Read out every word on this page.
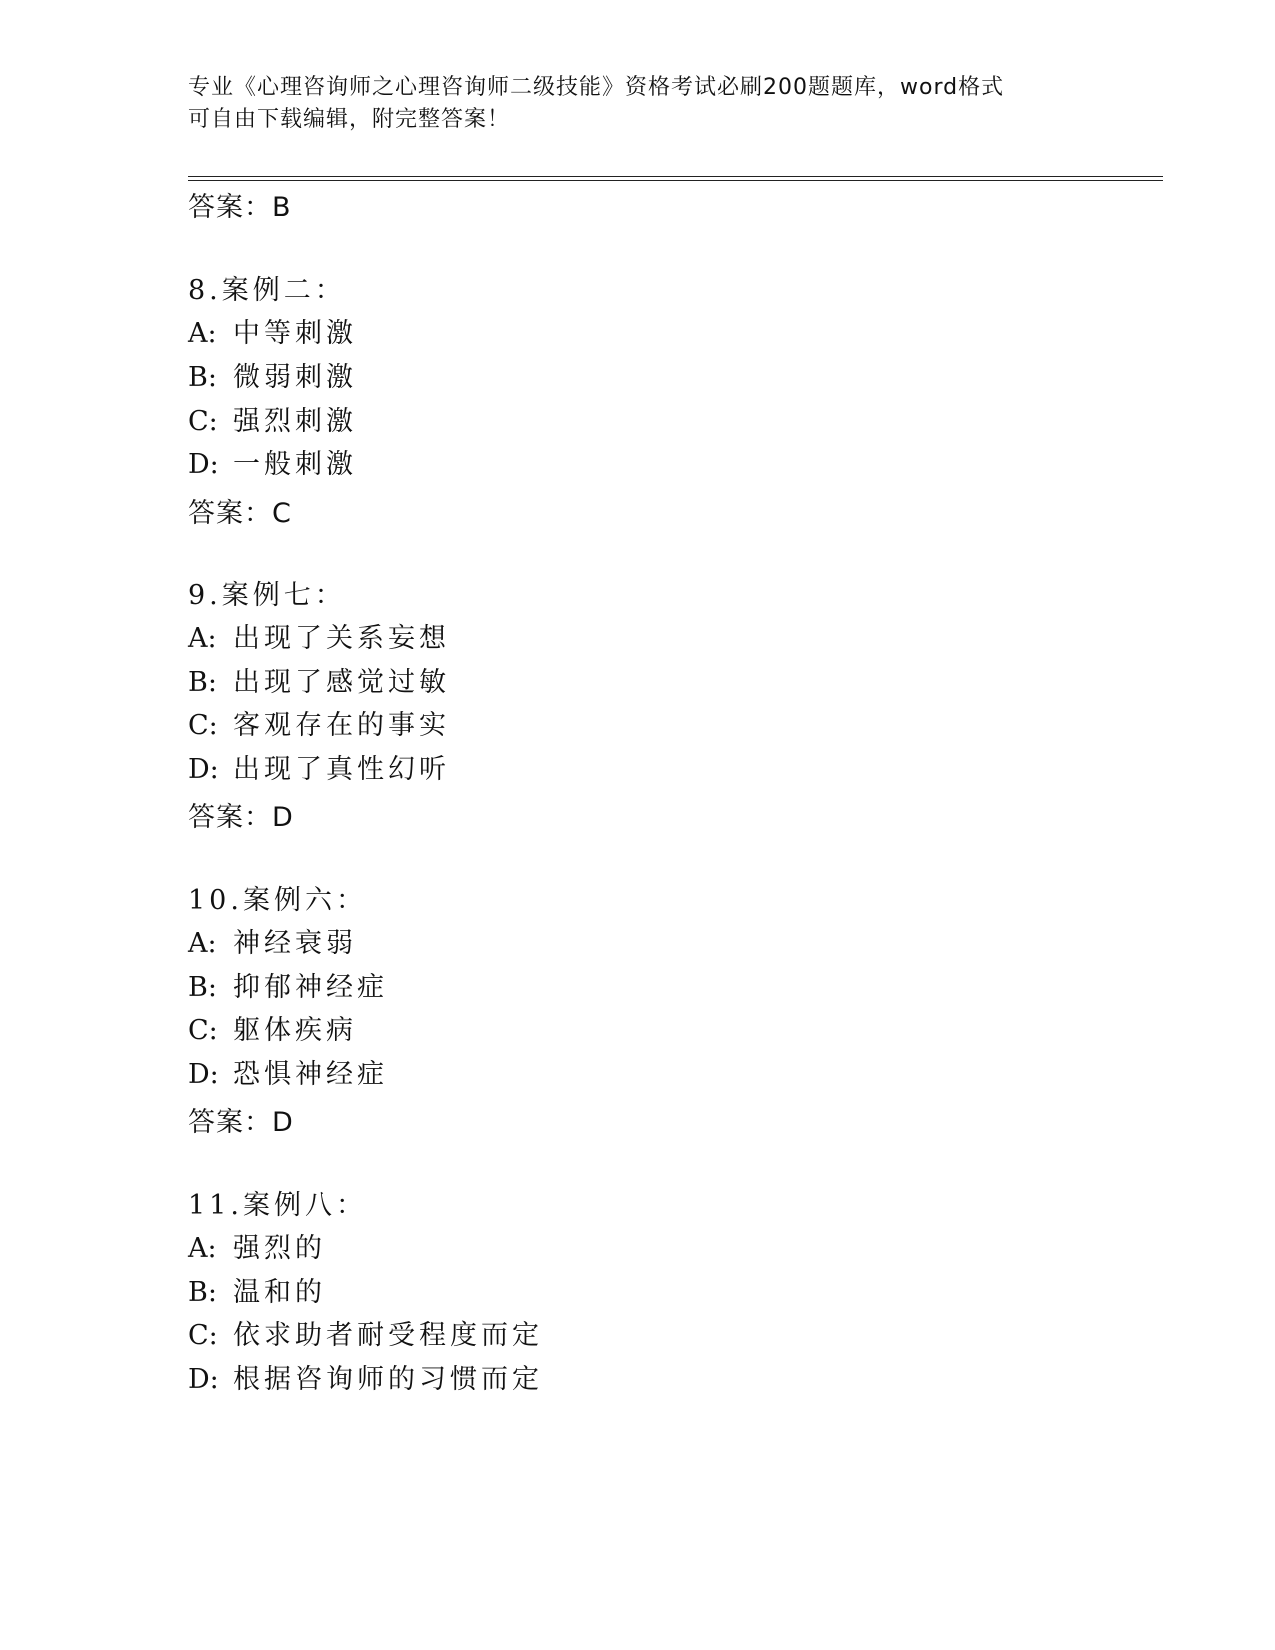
专业《心理咨询师之心理咨询师二级技能》资格考试必刷200题题库，word格式
可自由下载编辑，附完整答案！
答案：B
8.案例二：
A: 中等刺激
B: 微弱刺激
C: 强烈刺激
D: 一般刺激
答案：C
9.案例七：
A: 出现了关系妄想
B: 出现了感觉过敏
C: 客观存在的事实
D: 出现了真性幻听
答案：D
10.案例六：
A: 神经衰弱
B: 抑郁神经症
C: 躯体疾病
D: 恐惧神经症
答案：D
11.案例八：
A: 强烈的
B: 温和的
C: 依求助者耐受程度而定
D: 根据咨询师的习惯而定
